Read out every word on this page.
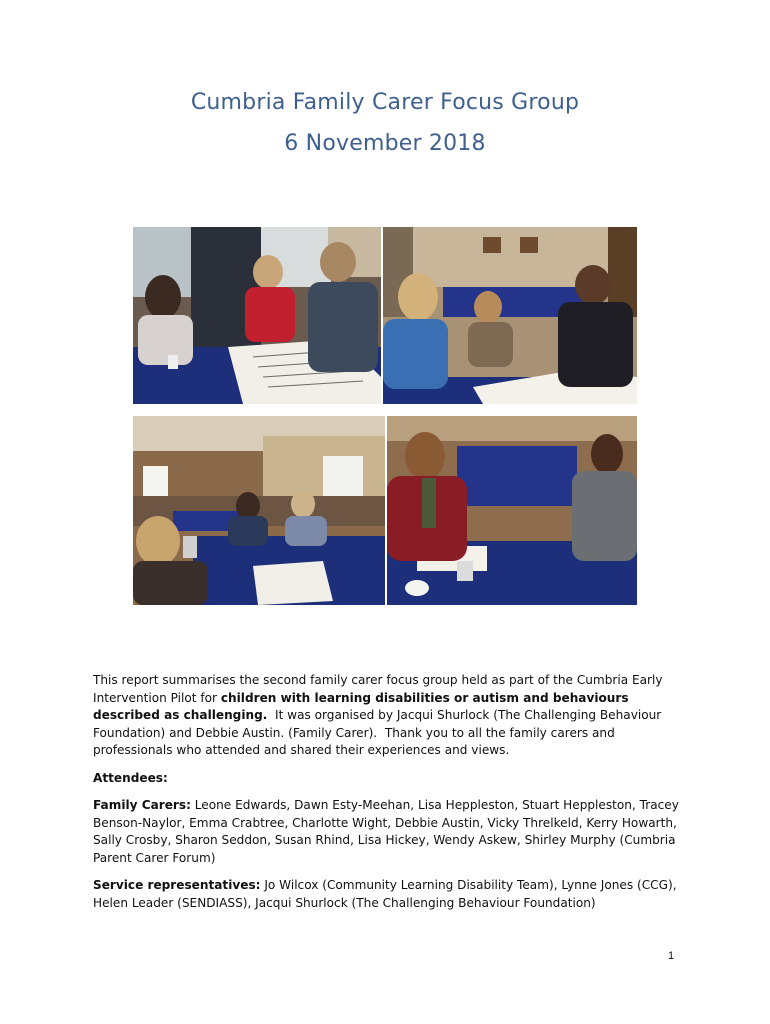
Cumbria Family Carer Focus Group
6 November 2018
This report summarises the second family carer focus group held as part of the Cumbria Early Intervention Pilot for children with learning disabilities or autism and behaviours described as challenging.  It was organised by Jacqui Shurlock (The Challenging Behaviour Foundation) and Debbie Austin. (Family Carer).  Thank you to all the family carers and professionals who attended and shared their experiences and views.
Attendees:
Family Carers: Leone Edwards, Dawn Esty-Meehan, Lisa Heppleston, Stuart Heppleston, Tracey Benson-Naylor, Emma Crabtree, Charlotte Wight, Debbie Austin, Vicky Threlkeld, Kerry Howarth, Sally Crosby, Sharon Seddon, Susan Rhind, Lisa Hickey, Wendy Askew, Shirley Murphy (Cumbria Parent Carer Forum)
Service representatives: Jo Wilcox (Community Learning Disability Team), Lynne Jones (CCG), Helen Leader (SENDIASS), Jacqui Shurlock (The Challenging Behaviour Foundation)
1
